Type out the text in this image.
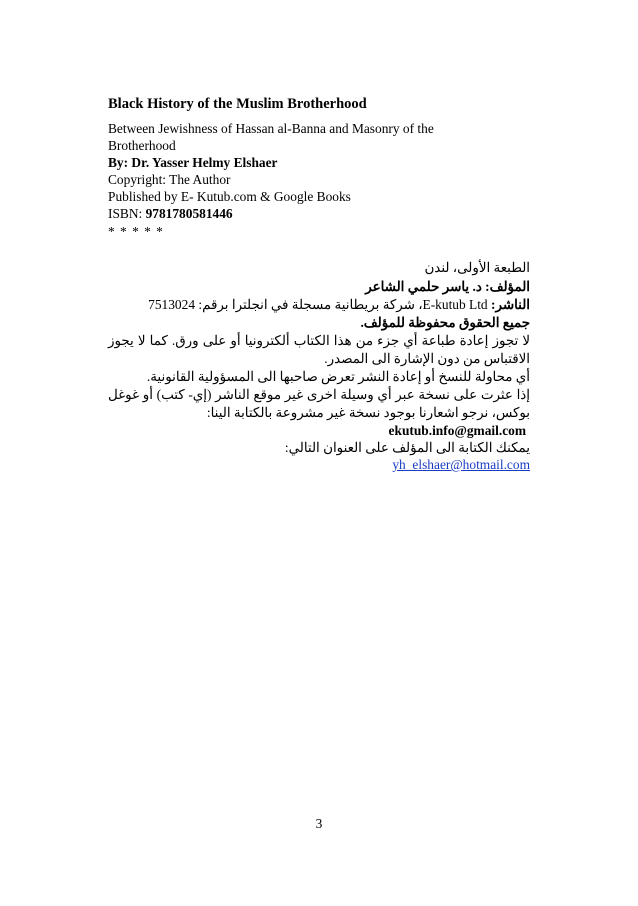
Black History of the Muslim Brotherhood
Between Jewishness of Hassan al-Banna and Masonry of the Brotherhood
By: Dr. Yasser Helmy Elshaer
Copyright: The Author
Published by E- Kutub.com & Google Books
ISBN: 9781780581446
* * * * *
الطبعة الأولى، لندن
المؤلف: د. ياسر حلمي الشاعر
الناشر: E-kutub Ltd، شركة بريطانية مسجلة في انجلترا برقم: 7513024
جميع الحقوق محفوظة للمؤلف.
لا تجوز إعادة طباعة أي جزء من هذا الكتاب ألكترونيا أو على ورق. كما لا يجوز
الاقتباس من دون الإشارة الى المصدر.
أي محاولة للنسخ أو إعادة النشر تعرض صاحبها الى المسؤولية القانونية.
إذا عثرت على نسخة عبر أي وسيلة اخرى غير موقع الناشر (إي- كتب) أو غوغل
بوكس، نرجو اشعارنا بوجود نسخة غير مشروعة بالكتابة الينا:
ekutub.info@gmail.com
يمكنك الكتابة الى المؤلف على العنوان التالي:
yh_elshaer@hotmail.com
3
